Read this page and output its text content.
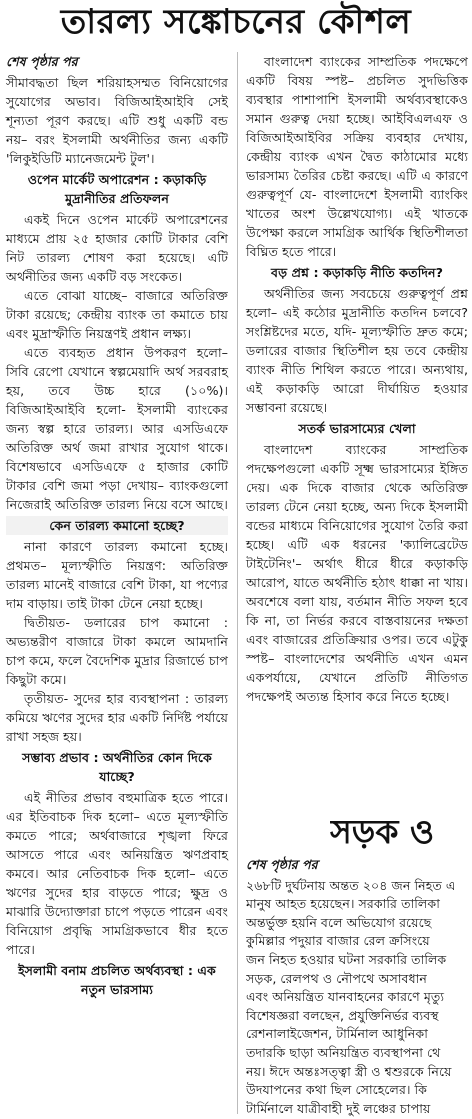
তারল্য সঙ্কোচনের কৌশল
শেষ পৃষ্ঠার পর

সীমাবদ্ধতা ছিল শরিয়াহসম্মত বিনিয়োগের সুযোগের অভাব। বিজিআইআইবি সেই শূন্যতা পূরণ করছে। এটি শুধু একটি বন্ড নয়– বরং ইসলামী অর্থনীতির জন্য একটি 'লিকুইডিটি ম্যানেজমেন্ট টুল'।

ওপেন মার্কেট অপারেশন : কড়াকড়ি মুদ্রানীতির প্রতিফলন

একই দিনে ওপেন মার্কেট অপারেশনের মাধ্যমে প্রায় ২৫ হাজার কোটি টাকার বেশি নিট তারল্য শোষণ করা হয়েছে। এটি অর্থনীতির জন্য একটি বড় সংকেত।

এতে বোঝা যাচ্ছে– বাজারে অতিরিক্ত টাকা রয়েছে; কেন্দ্রীয় ব্যাংক তা কমাতে চায় এবং মুদ্রাস্ফীতি নিয়ন্ত্রণই প্রধান লক্ষ্য।

এতে ব্যবহৃত প্রধান উপকরণ হলো– সিবি রেপো যেখানে স্বল্পমেয়াদি অর্থ সরবরাহ হয়, তবে উচ্চ হারে (১০%)। বিজিআইআইবি হলো- ইসলামী ব্যাংকের জন্য স্বল্প হারে তারল্য। আর এসডিএফে অতিরিক্ত অর্থ জমা রাখার সুযোগ থাকে। বিশেষভাবে এসডিএফে ৫ হাজার কোটি টাকার বেশি জমা পড়া দেখায়– ব্যাংকগুলো নিজেরাই অতিরিক্ত তারল্য নিয়ে বসে আছে।

কেন তারল্য কমানো হচ্ছে?

নানা কারণে তারল্য কমানো হচ্ছে। প্রথমত– মূল্যস্ফীতি নিয়ন্ত্রণ: অতিরিক্ত তারল্য মানেই বাজারে বেশি টাকা, যা পণ্যের দাম বাড়ায়। তাই টাকা টেনে নেয়া হচ্ছে।

দ্বিতীয়ত- ডলারের চাপ কমানো : অভ্যন্তরীণ বাজারে টাকা কমলে আমদানি চাপ কমে, ফলে বৈদেশিক মুদ্রার রিজার্ভে চাপ কিছুটা কমে।

তৃতীয়ত- সুদের হার ব্যবস্থাপনা : তারল্য কমিয়ে ঋণের সুদের হার একটি নির্দিষ্ট পর্যায়ে রাখা সহজ হয়।

সম্ভাব্য প্রভাব : অর্থনীতির কোন দিকে যাচ্ছে?

এই নীতির প্রভাব বহুমাত্রিক হতে পারে। এর ইতিবাচক দিক হলো– এতে মূল্যস্ফীতি কমতে পারে; অর্থবাজারে শৃঙ্খলা ফিরে আসতে পারে এবং অনিয়ন্ত্রিত ঋণপ্রবাহ কমবে। আর নেতিবাচক দিক হলো– এতে ঋণের সুদের হার বাড়তে পারে; ক্ষুদ্র ও মাঝারি উদ্যোক্তারা চাপে পড়তে পারেন এবং বিনিয়োগ প্রবৃদ্ধি সামগ্রিকভাবে ধীর হতে পারে।

ইসলামী বনাম প্রচলিত অর্থব্যবস্থা : এক নতুন ভারসাম্য

বাংলাদেশ ব্যাংকের সাম্প্রতিক পদক্ষেপে একটি বিষয় স্পষ্ট– প্রচলিত সুদভিত্তিক ব্যবস্থার পাশাপাশি ইসলামী অর্থব্যবস্থাকেও সমান গুরুত্ব দেয়া হচ্ছে। আইবিএলএফ ও বিজিআইআইবির সক্রিয় ব্যবহার দেখায়, কেন্দ্রীয় ব্যাংক এখন দ্বৈত কাঠামোর মধ্যে ভারসাম্য তৈরির চেষ্টা করছে। এটি এ কারণে গুরুত্বপূর্ণ যে- বাংলাদেশে ইসলামী ব্যাংকিং খাতের অংশ উল্লেখযোগ্য। এই খাতকে উপেক্ষা করলে সামগ্রিক আর্থিক স্থিতিশীলতা বিঘ্নিত হতে পারে।

বড় প্রশ্ন : কড়াকড়ি নীতি কতদিন?

অর্থনীতির জন্য সবচেয়ে গুরুত্বপূর্ণ প্রশ্ন হলো– এই কঠোর মুদ্রানীতি কতদিন চলবে? সংশ্লিষ্টদের মতে, যদি- মূল্যস্ফীতি দ্রুত কমে; ডলারের বাজার স্থিতিশীল হয় তবে কেন্দ্রীয় ব্যাংক নীতি শিথিল করতে পারে। অন্যথায়, এই কড়াকড়ি আরো দীর্ঘায়িত হওয়ার সম্ভাবনা রয়েছে।

সতর্ক ভারসাম্যের খেলা

বাংলাদেশ ব্যাংকের সাম্প্রতিক পদক্ষেপগুলো একটি সূক্ষ্ম ভারসাম্যের ইঙ্গিত দেয়। এক দিকে বাজার থেকে অতিরিক্ত তারল্য টেনে নেয়া হচ্ছে, অন্য দিকে ইসলামী বন্ডের মাধ্যমে বিনিয়োগের সুযোগ তৈরি করা হচ্ছে। এটি এক ধরনের 'ক্যালিব্রেটেড টাইটেনিং'– অর্থাৎ ধীরে ধীরে কড়াকড়ি আরোপ, যাতে অর্থনীতি হঠাৎ ধাক্কা না খায়। অবশেষে বলা যায়, বর্তমান নীতি সফল হবে কি না, তা নির্ভর করবে বাস্তবায়নের দক্ষতা এবং বাজারের প্রতিক্রিয়ার ওপর। তবে এটুকু স্পষ্ট– বাংলাদেশের অর্থনীতি এখন এমন একপর্যায়ে, যেখানে প্রতিটি নীতিগত পদক্ষেপই অত্যন্ত হিসাব করে নিতে হচ্ছে।

সড়ক ও
শেষ পৃষ্ঠার পর
২৬৮টি দুর্ঘটনায় অন্তত ২০৪ জন নিহত এ
মানুষ আহত হয়েছেন। সরকারি তালিকা
অন্তর্ভুক্ত হয়নি বলে অভিযোগ রয়েছে
কুমিল্লার পদুয়ার বাজার রেল ক্রসিংয়ে
জন নিহত হওয়ার ঘটনা সরকারি তালিক
সড়ক, রেলপথ ও নৌপথে অসাবধান
এবং অনিয়ন্ত্রিত যানবাহনের কারণে মৃত্যু
বিশেষজ্ঞরা বলছেন, প্রযুক্তিনির্ভর ব্যবস্থ
রেশনালাইজেশন, টার্মিনাল আধুনিকা
তদারকি ছাড়া অনিয়ন্ত্রিত ব্যবস্থাপনা থে
নয়। ঈদে অন্তঃসত্ত্বা স্ত্রী ও শ্বশুরকে নিয়ে
উদযাপনের কথা ছিল সোহেলের। কি
টার্মিনালে যাত্রীবাহী দুই লঞ্চের চাপায়
